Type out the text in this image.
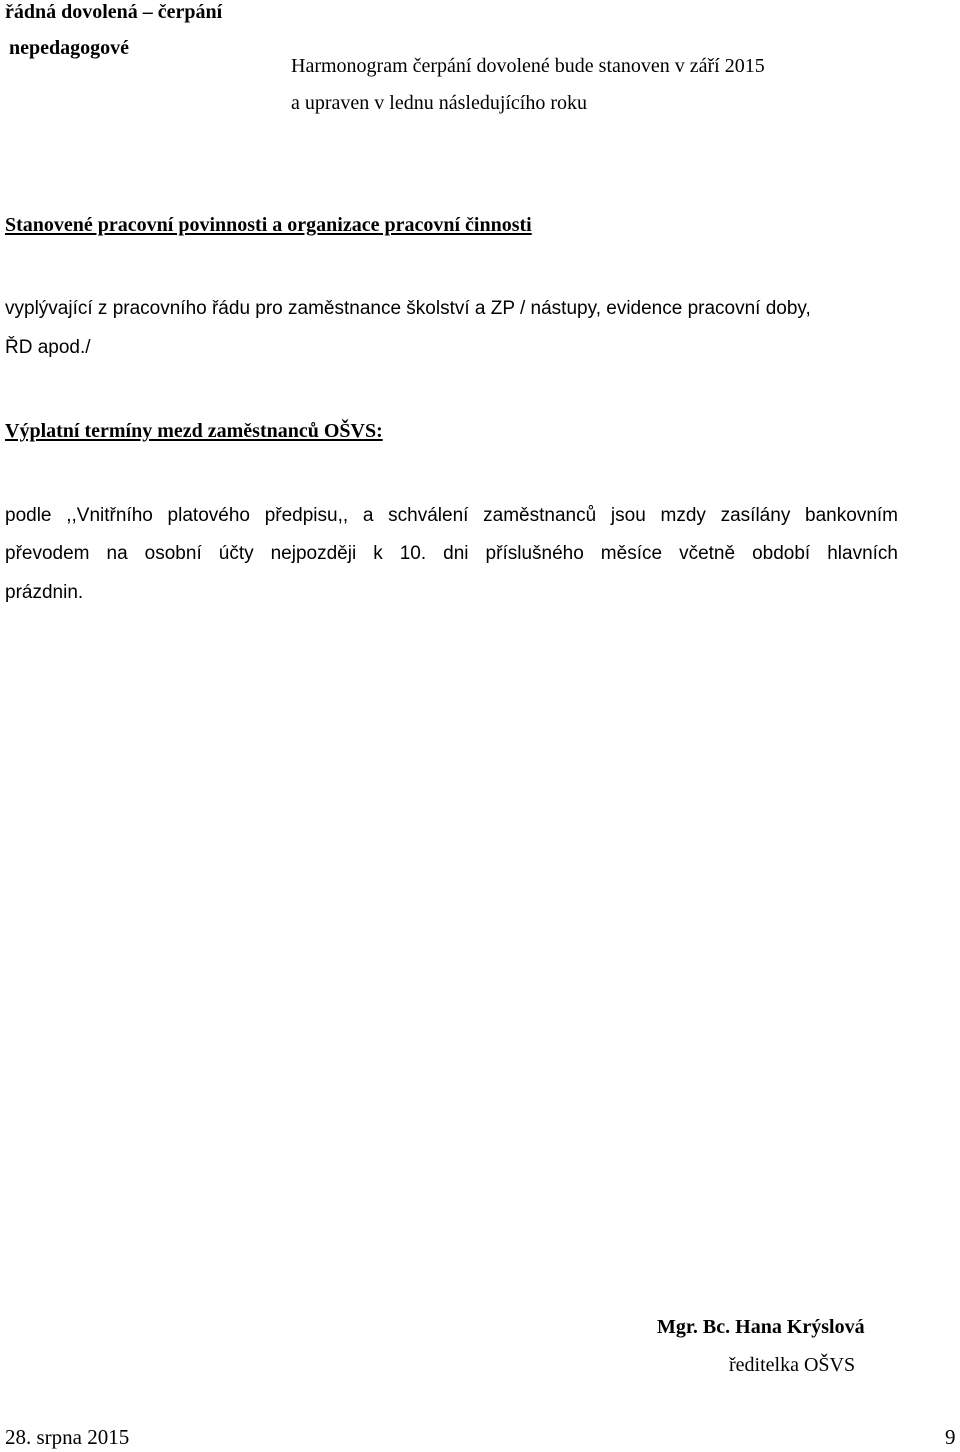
řádná dovolená – čerpání
nepedagogové
Harmonogram čerpání dovolené bude stanoven v září 2015
a upraven v lednu následujícího roku
Stanovené pracovní povinnosti a organizace pracovní činnosti
vyplývající z pracovního řádu pro zaměstnance školství a ZP / nástupy, evidence pracovní doby,
ŘD apod./
Výplatní termíny mezd zaměstnanců OŠVS:
podle ,,Vnitřního platového předpisu,, a schválení zaměstnanců jsou mzdy zasílány bankovním
převodem na osobní účty nejpozději k 10. dni příslušného měsíce včetně období hlavních
prázdnin.
Mgr. Bc. Hana Krýslová
ředitelka OŠVS
28. srpna 2015	9
